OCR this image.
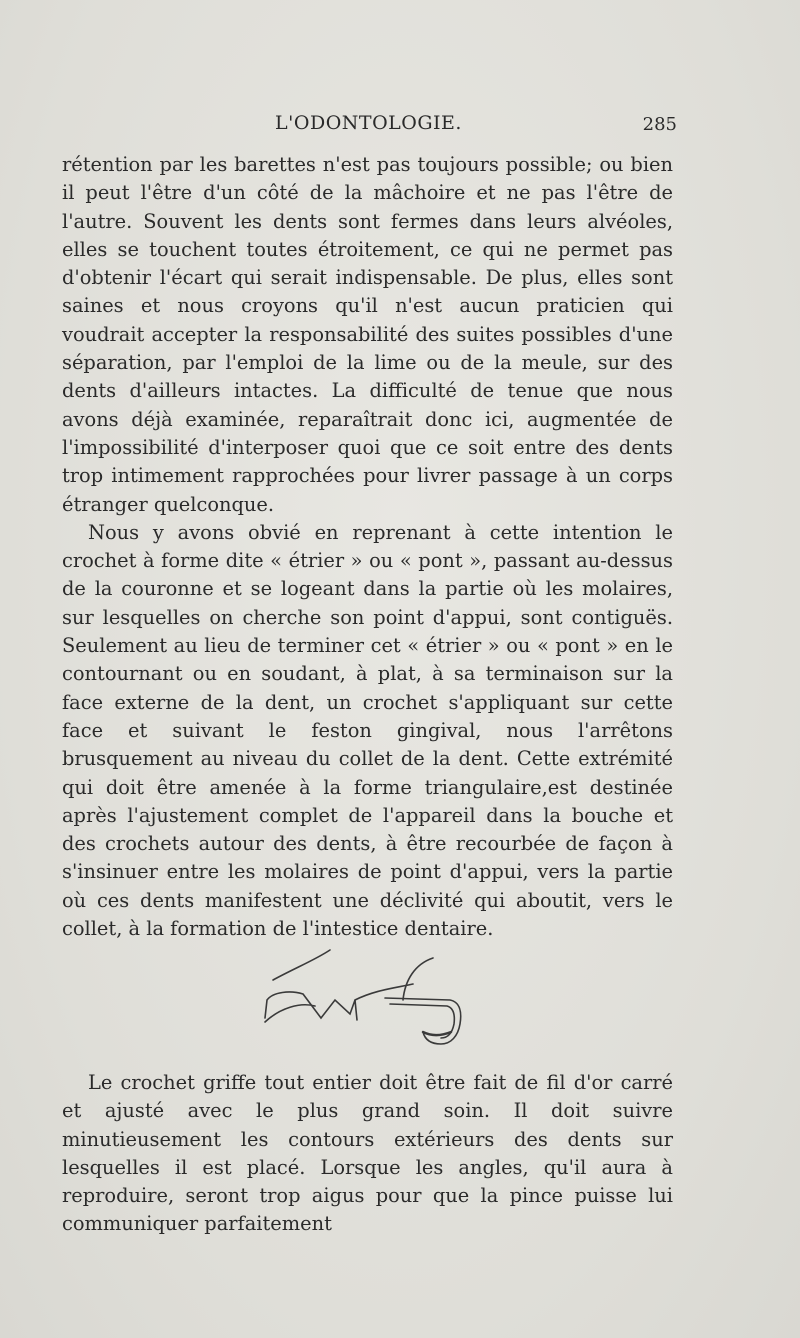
L'ODONTOLOGIE.	285

rétention par les barettes n'est pas toujours possible; ou bien il peut l'être d'un côté de la mâchoire et ne pas l'être de l'autre. Souvent les dents sont fermes dans leurs alvéoles, elles se touchent toutes étroitement, ce qui ne permet pas d'obtenir l'écart qui serait indispensable. De plus, elles sont saines et nous croyons qu'il n'est aucun praticien qui voudrait accepter la responsabilité des suites possibles d'une séparation, par l'emploi de la lime ou de la meule, sur des dents d'ailleurs intactes. La difficulté de tenue que nous avons déjà examinée, reparaîtrait donc ici, augmentée de l'impossibilité d'interposer quoi que ce soit entre des dents trop intimement rapprochées pour livrer passage à un corps étranger quelconque.

Nous y avons obvié en reprenant à cette intention le crochet à forme dite « étrier » ou « pont », passant au-dessus de la couronne et se logeant dans la partie où les molaires, sur lesquelles on cherche son point d'appui, sont contiguës. Seulement au lieu de terminer cet « étrier » ou « pont » en le contournant ou en soudant, à plat, à sa terminaison sur la face externe de la dent, un crochet s'appliquant sur cette face et suivant le feston gingival, nous l'arrêtons brusquement au niveau du collet de la dent. Cette extrémité qui doit être amenée à la forme triangulaire,est destinée après l'ajustement complet de l'appareil dans la bouche et des crochets autour des dents, à être recourbée de façon à s'insinuer entre les molaires de point d'appui, vers la partie où ces dents manifestent une déclivité qui aboutit, vers le collet, à la formation de l'intestice dentaire.

Le crochet griffe tout entier doit être fait de fil d'or carré et ajusté avec le plus grand soin. Il doit suivre minutieusement les contours extérieurs des dents sur lesquelles il est placé. Lorsque les angles, qu'il aura à reproduire, seront trop aigus pour que la pince puisse lui communiquer parfaitement
